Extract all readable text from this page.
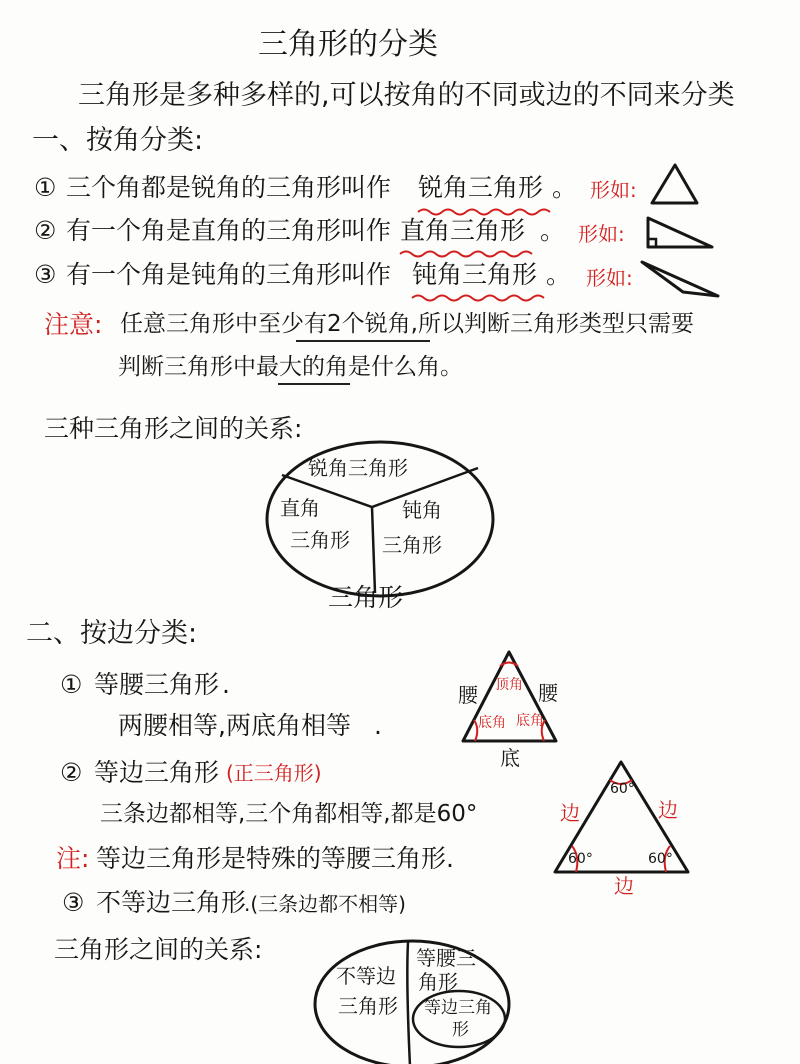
三角形的分类
三角形是多种多样的,可以按角的不同或边的不同来分类
一、按角分类:
① 三个角都是锐角的三角形叫作 锐角三角形 。 形如:
② 有一个角是直角的三角形叫作 直角三角形 。 形如:
③ 有一个角是钝角的三角形叫作 钝角三角形 。 形如:
注意: 任意三角形中至少有2个锐角,所以判断三角形类型只需要
判断三角形中最大的角是什么角。
三种三角形之间的关系:
锐角三角形
直角
三角形
钝角
三角形
三角形
二、按边分类:
① 等腰三角形 .
两腰相等,两底角相等 .
腰	腰
底
顶角
底角 底角
② 等边三角形 (正三角形)
三条边都相等,三个角都相等,都是60°	边	边
边
60°
60°	60°
注: 等边三角形是特殊的等腰三角形.
③ 不等边三角形
.(三条边都不相等)
三角形之间的关系:
不等边
三角形
等腰三
角形
等边三角
形
